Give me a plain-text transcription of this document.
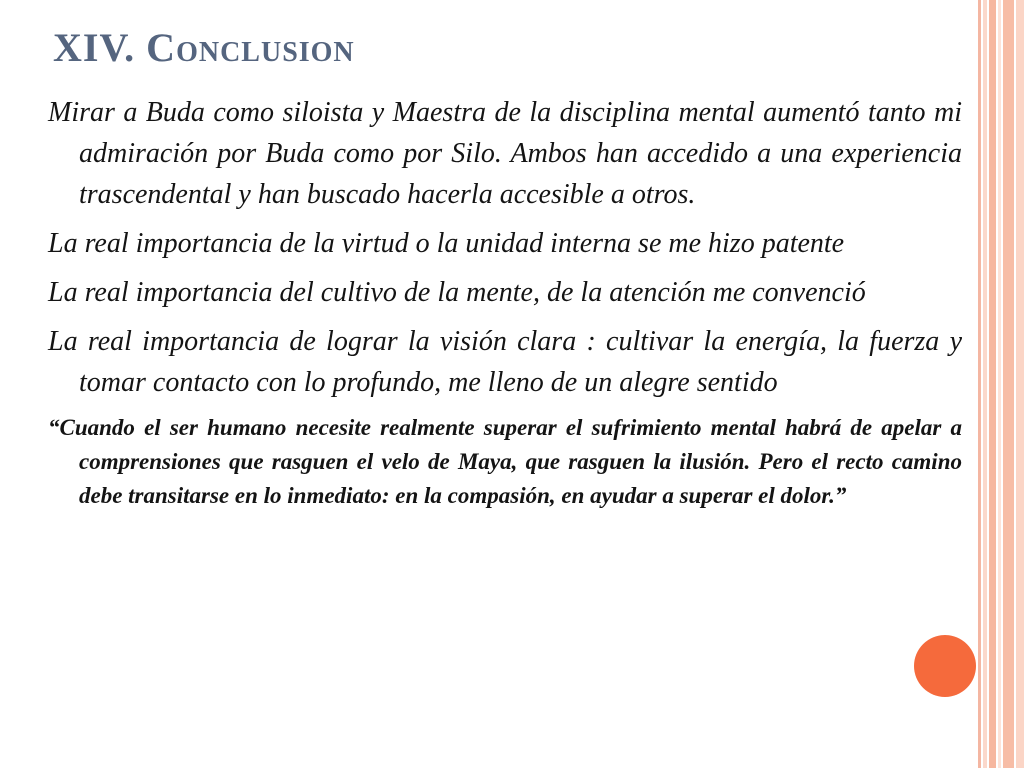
XIV. Conclusion

Mirar a Buda como siloista y Maestra de la disciplina mental aumentó tanto mi admiración por Buda como por Silo. Ambos han accedido a una experiencia trascendental y han buscado hacerla accesible a otros.

La real importancia de la virtud o la unidad interna se me hizo patente

La real importancia del cultivo de la mente, de la atención me convenció

La real importancia de lograr la visión clara : cultivar la energía, la fuerza y tomar contacto con lo profundo, me lleno de un alegre sentido

“Cuando el ser humano necesite realmente superar el sufrimiento mental habrá de apelar a comprensiones que rasguen el velo de Maya, que rasguen la ilusión. Pero el recto camino debe transitarse en lo inmediato: en la compasión, en ayudar a superar el dolor.”
